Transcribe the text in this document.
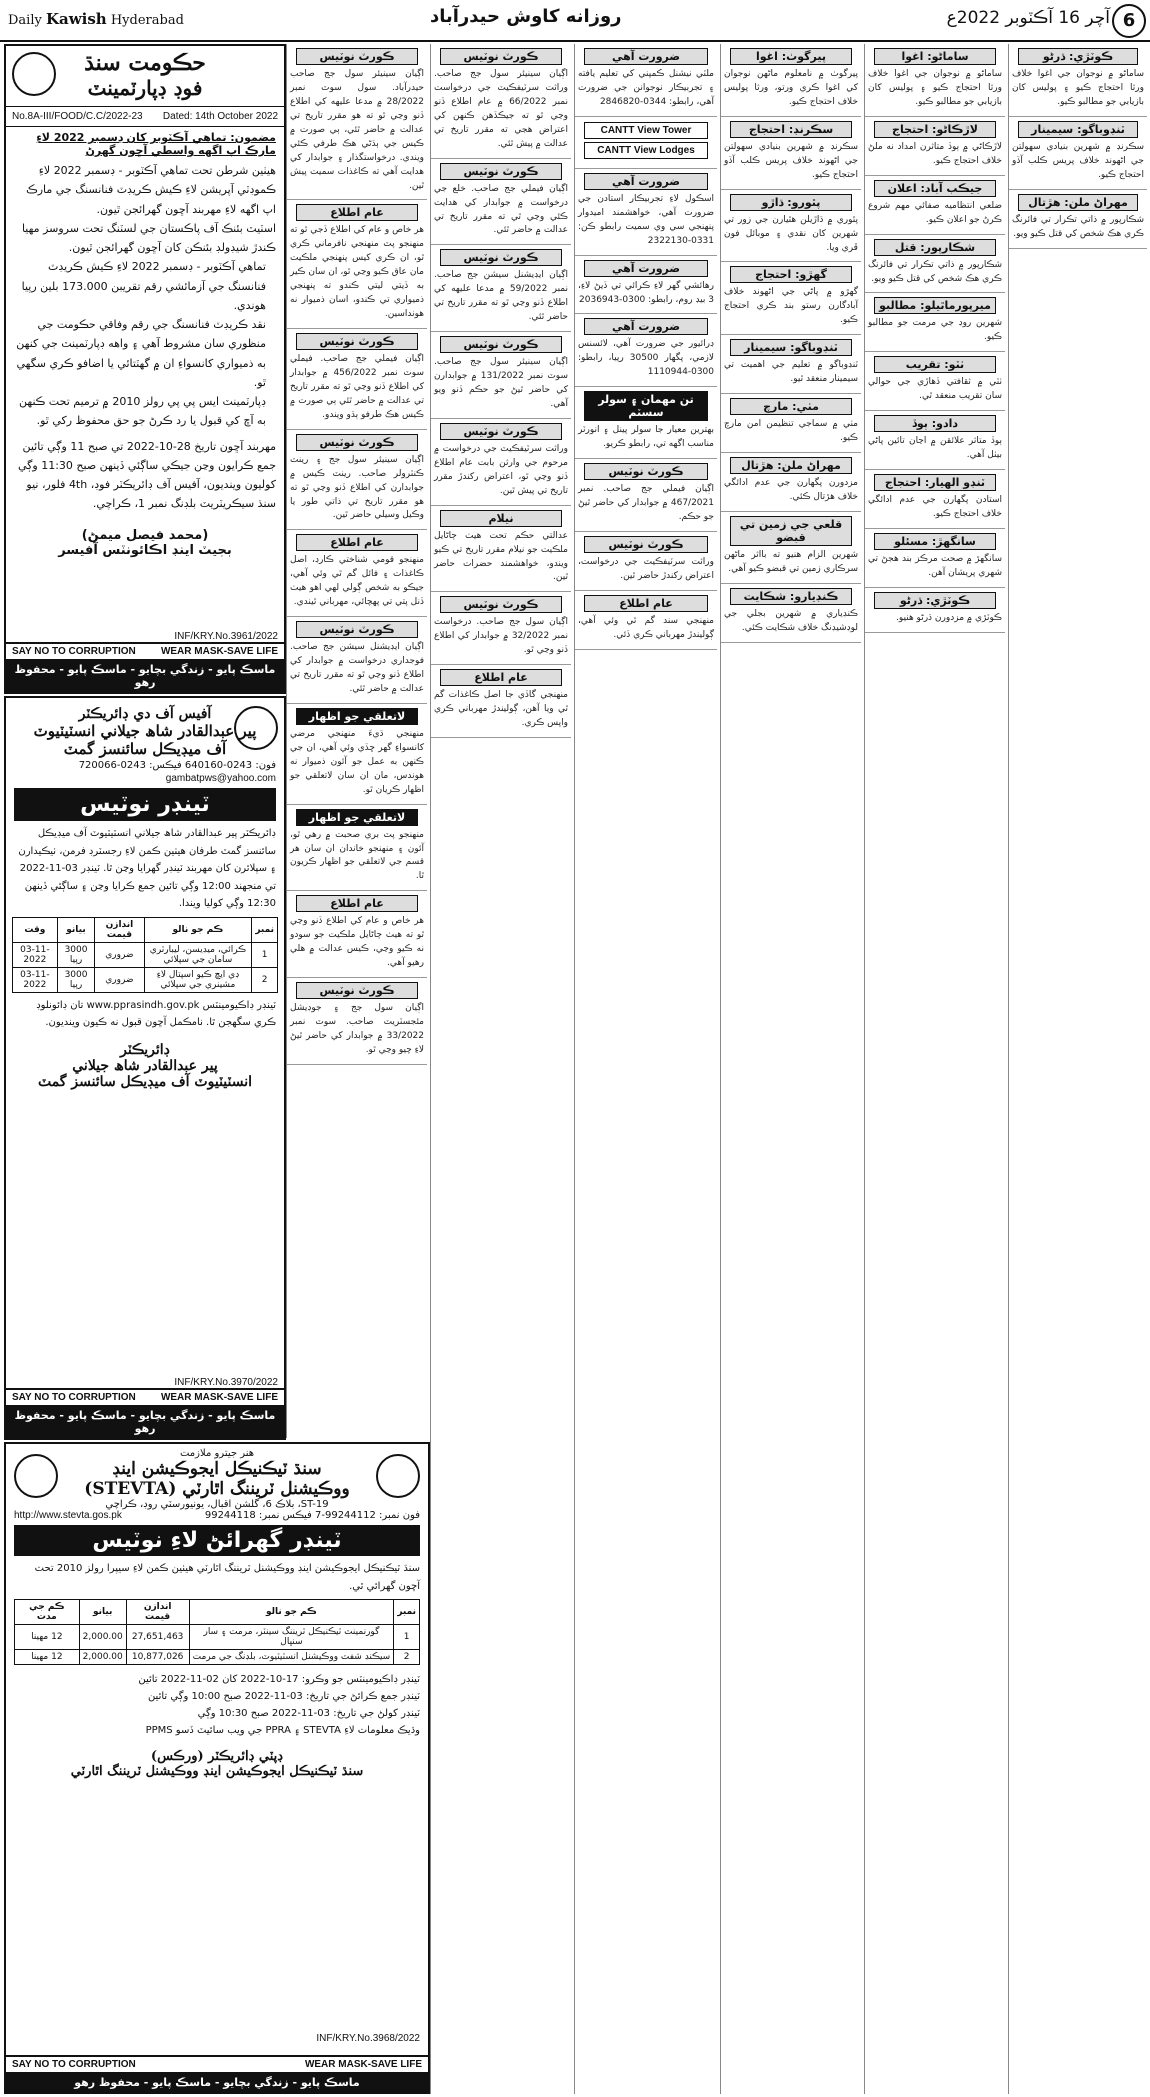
Daily Kawish Hyderabad	روزانه كاوش حيدرآباد	آچر 16 آڪٽوبر 2022ع 6
حڪومت سنڌ
فوڊ ڊپارٽمينٽ
No.8A-III/FOOD/C.C/2022-23 Dated: 14th October 2022
مضمون: تماهي آڪٽوبر کان ڊسمبر 2022 لاءِ مارڪ اپ اگهه واسطي آڇون گهرڻ
هيٺين شرطن تحت تماهي آڪٽوبر - ڊسمبر 2022 لاءِ ڪموڊٽي آپريشن لاءِ ڪيش ڪريڊٽ فنانسنگ جي مارڪ اپ اگهه لاءِ مهربند آڇون گهرائجن ٿيون.
اسٽيٽ بئنڪ آف پاڪستان جي لسٽنگ تحت سروسز مهيا ڪندڙ شيڊولڊ بئنڪن کان آڇون گهرائجن ٿيون.
تماهي آڪٽوبر - ڊسمبر 2022 لاءِ ڪيش ڪريڊٽ فنانسنگ جي آزمائشي رقم تقريبن 173.000 بلين رپيا هوندي.
نقد ڪريڊٽ فنانسنگ جي رقم وفاقي حڪومت جي منظوري سان مشروط آهي ۽ واهه ڊپارٽمينٽ جي کنهن به ذميواري کانسواءِ ان ۾ گهٽتائي يا اضافو ڪري سگهي ٿو.
ڊپارٽمينٽ ايس پي پي رولز 2010 ۾ ترميم تحت ڪنهن به آڇ کي قبول يا رد ڪرڻ جو حق محفوظ رکي ٿو.
مهربند آڇون تاريخ 28-10-2022 تي صبح 11 وڳي تائين جمع ڪرايون وڃن جيڪي ساڳئي ڏينهن صبح 11:30 وڳي کوليون وينديون، آفيس آف ڊائريڪٽر فوڊ، 4th فلور، نيو سنڌ سيڪريٽريٽ بلڊنگ نمبر 1، ڪراچي.
(محمد فيصل ميمڻ)
بجيٽ اينڊ اڪائونٽس آفيسر
INF/KRY.No.3961/2022
SAY NO TO CORRUPTION	WEAR MASK-SAVE LIFE
ماسڪ پايو - زندگي بچايو - ماسڪ پايو - محفوظ رهو
آفيس آف دي ڊائريڪٽر
پير عبدالقادر شاھ جيلاني انسٽيٽيوٽ
آف ميڊيڪل سائنسز گمٽ
فون: 0243-640160 فيڪس: 0243-720066
gambatpws@yahoo.com
ٽينڊر نوٽيس
ڊائريڪٽر پير عبدالقادر شاھ جيلاني انسٽيٽيوٽ آف ميڊيڪل سائنسز گمٽ طرفان هيٺين ڪمن لاءِ رجسٽرڊ فرمن، ٺيڪيدارن ۽ سپلائرن کان مهربند ٽينڊر گهرايا وڃن ٿا. ٽينڊر 03-11-2022 تي منجهند 12:00 وڳي تائين جمع ڪرايا وڃن ۽ ساڳئي ڏينهن 12:30 وڳي کوليا ويندا.
نمبر	ڪم جو نالو	اندازن قيمت	بيانو	وقت
1	ڪرائي، ميڊيسن، ليبارٽري سامان جي سپلائي	ضروري	3000 رپيا	03-11-2022
2	ڊي ايڇ ڪيو اسپتال لاءِ مشينري جي سپلائي	ضروري	3000 رپيا	03-11-2022
ٽينڊر ڊاڪيومينٽس www.pprasindh.gov.pk تان ڊائونلوڊ ڪري سگهجن ٿا. نامڪمل آڇون قبول نه ڪيون وينديون.
ڊائريڪٽر
پير عبدالقادر شاھ جيلاني
انسٽيٽيوٽ آف ميڊيڪل سائنسز گمٽ
INF/KRY.No.3970/2022
SAY NO TO CORRUPTION	WEAR MASK-SAVE LIFE
ماسڪ پايو - زندگي بچايو - ماسڪ پايو - محفوظ رهو
هنر جيترو ملازمت
سنڌ ٽيڪنيڪل ايجوڪيشن اينڊ
ووڪيشنل ٽريننگ اٿارٽي (STEVTA)
ST-19، بلاڪ 6، گلشن اقبال، يونيورسٽي روڊ، ڪراچي
http://www.stevta.gos.pk	فون نمبر: 99244112-7 فيڪس نمبر: 99244118
ٽينڊر گهرائڻ لاءِ نوٽيس
سنڌ ٽيڪنيڪل ايجوڪيشن اينڊ ووڪيشنل ٽريننگ اٿارٽي هيٺين ڪمن لاءِ سيپرا رولز 2010 تحت آڇون گهرائي ٿي.
نمبر	ڪم جو نالو	اندازن قيمت	بيانو	ڪم جي مدت
1	گورنمينٽ ٽيڪنيڪل ٽريننگ سينٽر، مرمت ۽ سار سنڀال	27,651,463	2,000.00	12 مهينا
2	سيڪنڊ شفٽ ووڪيشنل انسٽيٽيوٽ، بلڊنگ جي مرمت	10,877,026	2,000.00	12 مهينا
ٽينڊر ڊاڪيومينٽس جو وڪرو: 17-10-2022 کان 02-11-2022 تائين
ٽينڊر جمع ڪرائڻ جي تاريخ: 03-11-2022 صبح 10:00 وڳي تائين
ٽينڊر کولڻ جي تاريخ: 03-11-2022 صبح 10:30 وڳي
وڌيڪ معلومات لاءِ STEVTA ۽ PPRA جي ويب سائيٽ ڏسو PPMS
ڊپٽي ڊائريڪٽر (ورڪس)
سنڌ ٽيڪنيڪل ايجوڪيشن اينڊ ووڪيشنل ٽريننگ اٿارٽي
INF/KRY.No.3968/2022
SAY NO TO CORRUPTION	WEAR MASK-SAVE LIFE
ماسڪ پايو - زندگي بچايو - ماسڪ پايو - محفوظ رهو
ڪورٽ نوٽيس
اڳيان سينيئر سول جج صاحب حيدرآباد. سول سوٽ نمبر 28/2022 ۾ مدعا عليهه کي اطلاع ڏنو وڃي ٿو ته هو مقرر تاريخ تي عدالت ۾ حاضر ٿئي، ٻي صورت ۾ ڪيس جي ٻڌڻي هڪ طرفي ڪئي ويندي. درخواستگذار ۽ جوابدار کي هدايت آهي ته ڪاغذات سميت پيش ٿين.
عام اطلاع
هر خاص و عام کي اطلاع ڏجي ٿو ته منهنجو پٽ منهنجي نافرماني ڪري ٿو، ان ڪري کيس پنهنجي ملڪيت مان عاق ڪيو وڃي ٿو، ان سان ڪير به ڏيتي ليتي ڪندو ته پنهنجي ذميواري تي ڪندو، اسان ذميوار نه هونداسين.
ڪورٽ نوٽيس
اڳيان فيملي جج صاحب. فيملي سوٽ نمبر 456/2022 ۾ جوابدار کي اطلاع ڏنو وڃي ٿو ته مقرر تاريخ تي عدالت ۾ حاضر ٿئي ٻي صورت ۾ ڪيس هڪ طرفو ٻڌو ويندو.
ڪورٽ نوٽيس
اڳيان سينيئر سول جج ۽ رينٽ ڪنٽرولر صاحب. رينٽ ڪيس ۾ جوابدارن کي اطلاع ڏنو وڃي ٿو ته هو مقرر تاريخ تي ذاتي طور يا وڪيل وسيلي حاضر ٿين.
عام اطلاع
منهنجو قومي شناختي ڪارڊ، اصل ڪاغذات ۽ فائل گم ٿي وئي آهي، جيڪو به شخص ڳولي لهي اهو هيٺ ڏنل پتي تي پهچائي، مهرباني ٿيندي.
ڪورٽ نوٽيس
اڳيان ايڊيشنل سيشن جج صاحب. فوجداري درخواست ۾ جوابدار کي اطلاع ڏنو وڃي ٿو ته مقرر تاريخ تي عدالت ۾ حاضر ٿئي.
لاتعلقي جو اظهار
منهنجي ڌيءَ منهنجي مرضي کانسواءِ گهر ڇڏي وئي آهي، ان جي ڪنهن به عمل جو آئون ذميوار نه هوندس، مان ان سان لاتعلقي جو اظهار ڪريان ٿو.
لاتعلقي جو اظهار
منهنجو پٽ بري صحبت ۾ رهي ٿو، آئون ۽ منهنجو خاندان ان سان هر قسم جي لاتعلقي جو اظهار ڪريون ٿا.
عام اطلاع
هر خاص و عام کي اطلاع ڏنو وڃي ٿو ته هيٺ ڄاڻايل ملڪيت جو سودو نه ڪيو وڃي، ڪيس عدالت ۾ هلي رهيو آهي.
ڪورٽ نوٽيس
اڳيان سول جج ۽ جوڊيشل مئجسٽريٽ صاحب. سوٽ نمبر 33/2022 ۾ جوابدار کي حاضر ٿيڻ لاءِ چيو وڃي ٿو.
ڪورٽ نوٽيس
اڳيان سينيئر سول جج صاحب. وراثت سرٽيفڪيٽ جي درخواست نمبر 66/2022 ۾ عام اطلاع ڏنو وڃي ٿو ته جيڪڏهن ڪنهن کي اعتراض هجي ته مقرر تاريخ تي عدالت ۾ پيش ٿئي.
ڪورٽ نوٽيس
اڳيان فيملي جج صاحب. خلع جي درخواست ۾ جوابدار کي هدايت ڪئي وڃي ٿي ته مقرر تاريخ تي عدالت ۾ حاضر ٿئي.
ڪورٽ نوٽيس
اڳيان ايڊيشنل سيشن جج صاحب. نمبر 59/2022 ۾ مدعا عليهه کي اطلاع ڏنو وڃي ٿو ته مقرر تاريخ تي حاضر ٿئي.
ڪورٽ نوٽيس
اڳيان سينيئر سول جج صاحب. سوٽ نمبر 131/2022 ۾ جوابدارن کي حاضر ٿيڻ جو حڪم ڏنو ويو آهي.
ڪورٽ نوٽيس
وراثت سرٽيفڪيٽ جي درخواست ۾ مرحوم جي وارثن بابت عام اطلاع ڏنو وڃي ٿو، اعتراض رکندڙ مقرر تاريخ تي پيش ٿين.
نيلام
عدالتي حڪم تحت هيٺ ڄاڻايل ملڪيت جو نيلام مقرر تاريخ تي ڪيو ويندو، خواهشمند حضرات حاضر ٿين.
ڪورٽ نوٽيس
اڳيان سول جج صاحب. درخواست نمبر 32/2022 ۾ جوابدار کي اطلاع ڏنو وڃي ٿو.
عام اطلاع
منهنجي گاڏي جا اصل ڪاغذات گم ٿي ويا آهن، ڳوليندڙ مهرباني ڪري واپس ڪري.
ضرورت آهي
ملٽي نيشنل ڪمپني کي تعليم يافته ۽ تجربيڪار نوجوانن جي ضرورت آهي، رابطو: 0344-2846820
CANTT View Tower
CANTT View Lodges
ضرورت آهي
اسڪول لاءِ تجربيڪار استادن جي ضرورت آهي، خواهشمند اميدوار پنهنجي سي وي سميت رابطو ڪن: 0331-2322130
ضرورت آهي
رهائشي گهر لاءِ ڪرائي تي ڏيڻ لاءِ، 3 بيڊ روم، رابطو: 0300-2036943
ضرورت آهي
ڊرائيور جي ضرورت آهي، لائسنس لازمي، پگهار 30500 رپيا، رابطو: 0300-1110944
تن مهمان ۽ سولر سسٽم
بهترين معيار جا سولر پينل ۽ انورٽر مناسب اگهه تي، رابطو ڪريو.
ڪورٽ نوٽيس
اڳيان فيملي جج صاحب. نمبر 467/2021 ۾ جوابدار کي حاضر ٿيڻ جو حڪم.
ڪورٽ نوٽيس
وراثت سرٽيفڪيٽ جي درخواست، اعتراض رکندڙ حاضر ٿين.
عام اطلاع
منهنجي سند گم ٿي وئي آهي، ڳوليندڙ مهرباني ڪري ڏئي.
پيرگوٺ: اغوا
پيرگوٺ ۾ نامعلوم ماڻهن نوجوان کي اغوا ڪري ورتو، ورثا پوليس خلاف احتجاج ڪيو.
سڪرنڊ: احتجاج
سڪرنڊ ۾ شهرين بنيادي سهولتن جي اڻهوند خلاف پريس ڪلب آڏو احتجاج ڪيو.
پٿورو: ڌاڙو
پٿوري ۾ ڌاڙيلن هٿيارن جي زور تي شهرين کان نقدي ۽ موبائل فون ڦري ويا.
گهڙو: احتجاج
گهڙو ۾ پاڻي جي اڻهوند خلاف آبادگارن رستو بند ڪري احتجاج ڪيو.
ٽنڊوباگو: سيمينار
ٽنڊوباگو ۾ تعليم جي اهميت تي سيمينار منعقد ٿيو.
مٺي: مارچ
مٺي ۾ سماجي تنظيمن امن مارچ ڪيو.
مهراڻ ملن: هڙتال
مزدورن پگهارن جي عدم ادائگي خلاف هڙتال ڪئي.
قلعي جي زمين تي قبضو
شهرين الزام هنيو ته بااثر ماڻهن سرڪاري زمين تي قبضو ڪيو آهي.
ڪنڊيارو: شڪايت
ڪنڊياري ۾ شهرين بجلي جي لوڊشيڊنگ خلاف شڪايت ڪئي.
ساماڻو: اغوا
ساماڻو ۾ نوجوان جي اغوا خلاف ورثا احتجاج ڪيو ۽ پوليس کان بازيابي جو مطالبو ڪيو.
لاڙڪاڻو: احتجاج
لاڙڪاڻي ۾ ٻوڏ متاثرن امداد نه ملڻ خلاف احتجاج ڪيو.
جيڪب آباد: اعلان
ضلعي انتظاميه صفائي مهم شروع ڪرڻ جو اعلان ڪيو.
شڪارپور: قتل
شڪارپور ۾ ذاتي تڪرار تي فائرنگ ڪري هڪ شخص کي قتل ڪيو ويو.
ميرپورماٿيلو: مطالبو
شهرين روڊ جي مرمت جو مطالبو ڪيو.
ٺٽو: تقريب
ٺٽي ۾ ثقافتي ڏهاڙي جي حوالي سان تقريب منعقد ٿي.
دادو: ٻوڏ
ٻوڏ متاثر علائقن ۾ اڃان تائين پاڻي بيٺل آهي.
ٽنڊو الهيار: احتجاج
استادن پگهارن جي عدم ادائگي خلاف احتجاج ڪيو.
سانگهڙ: مسئلو
سانگهڙ ۾ صحت مرڪز بند هجڻ تي شهري پريشان آهن.
ڪوٽڙي: ڌرڻو
ڪوٽڙي ۾ مزدورن ڌرڻو هنيو.
ڪوٽڙي: ڌرڻو
ساماڻو ۾ نوجوان جي اغوا خلاف ورثا احتجاج ڪيو ۽ پوليس کان بازيابي جو مطالبو ڪيو.
ٽنڊوباگو: سيمينار
سڪرنڊ ۾ شهرين بنيادي سهولتن جي اڻهوند خلاف پريس ڪلب آڏو احتجاج ڪيو.
مهراڻ ملن: هڙتال
شڪارپور ۾ ذاتي تڪرار تي فائرنگ ڪري هڪ شخص کي قتل ڪيو ويو.
